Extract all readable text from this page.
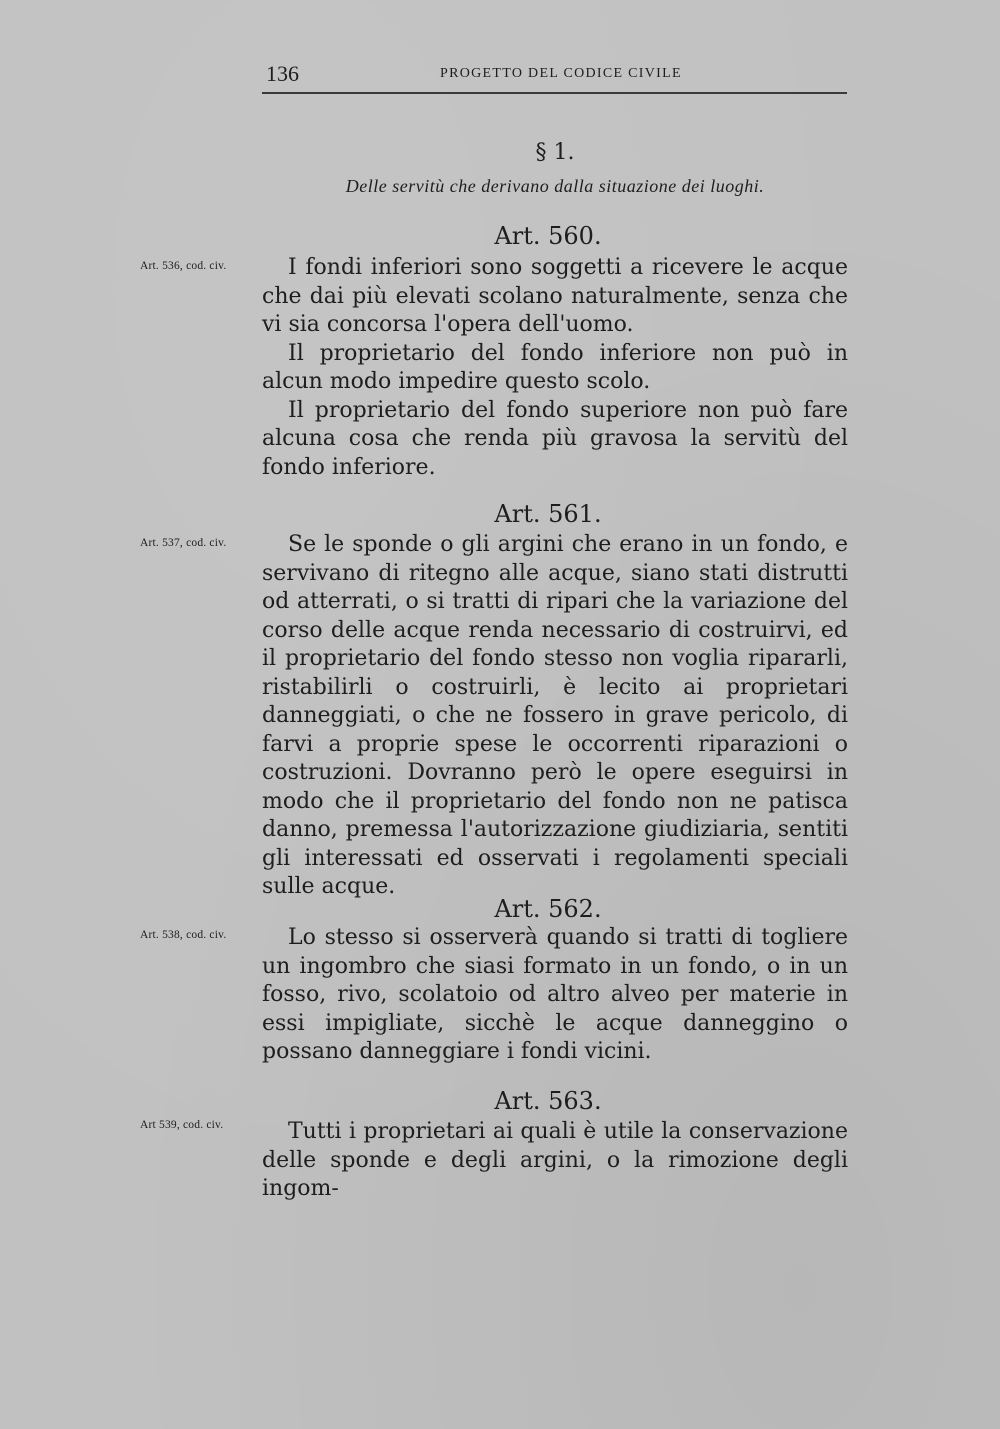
136	PROGETTO DEL CODICE CIVILE
§ 1.
Delle servitù che derivano dalla situazione dei luoghi.
Art. 560.
Art. 536, cod. civ.	I fondi inferiori sono soggetti a ricevere le acque che dai più elevati scolano naturalmente, senza che vi sia concorsa l'opera dell'uomo.

Il proprietario del fondo inferiore non può in alcun modo impedire questo scolo.

Il proprietario del fondo superiore non può fare alcuna cosa che renda più gravosa la servitù del fondo inferiore.

Art. 561.
Art. 537, cod. civ.	Se le sponde o gli argini che erano in un fondo, e servivano di ritegno alle acque, siano stati distrutti od atterrati, o si tratti di ripari che la variazione del corso delle acque renda necessario di costruirvi, ed il proprietario del fondo stesso non voglia ripararli, ristabilirli o costruirli, è lecito ai proprietari danneggiati, o che ne fossero in grave pericolo, di farvi a proprie spese le occorrenti riparazioni o costruzioni. Dovranno però le opere eseguirsi in modo che il proprietario del fondo non ne patisca danno, premessa l'autorizzazione giudiziaria, sentiti gli interessati ed osservati i regolamenti speciali sulle acque.

Art. 562.
Art. 538, cod. civ.	Lo stesso si osserverà quando si tratti di togliere un ingombro che siasi formato in un fondo, o in un fosso, rivo, scolatoio od altro alveo per materie in essi impigliate, sicchè le acque danneggino o possano danneggiare i fondi vicini.

Art. 563.
Art 539, cod. civ.	Tutti i proprietari ai quali è utile la conservazione delle sponde e degli argini, o la rimozione degli ingom-
